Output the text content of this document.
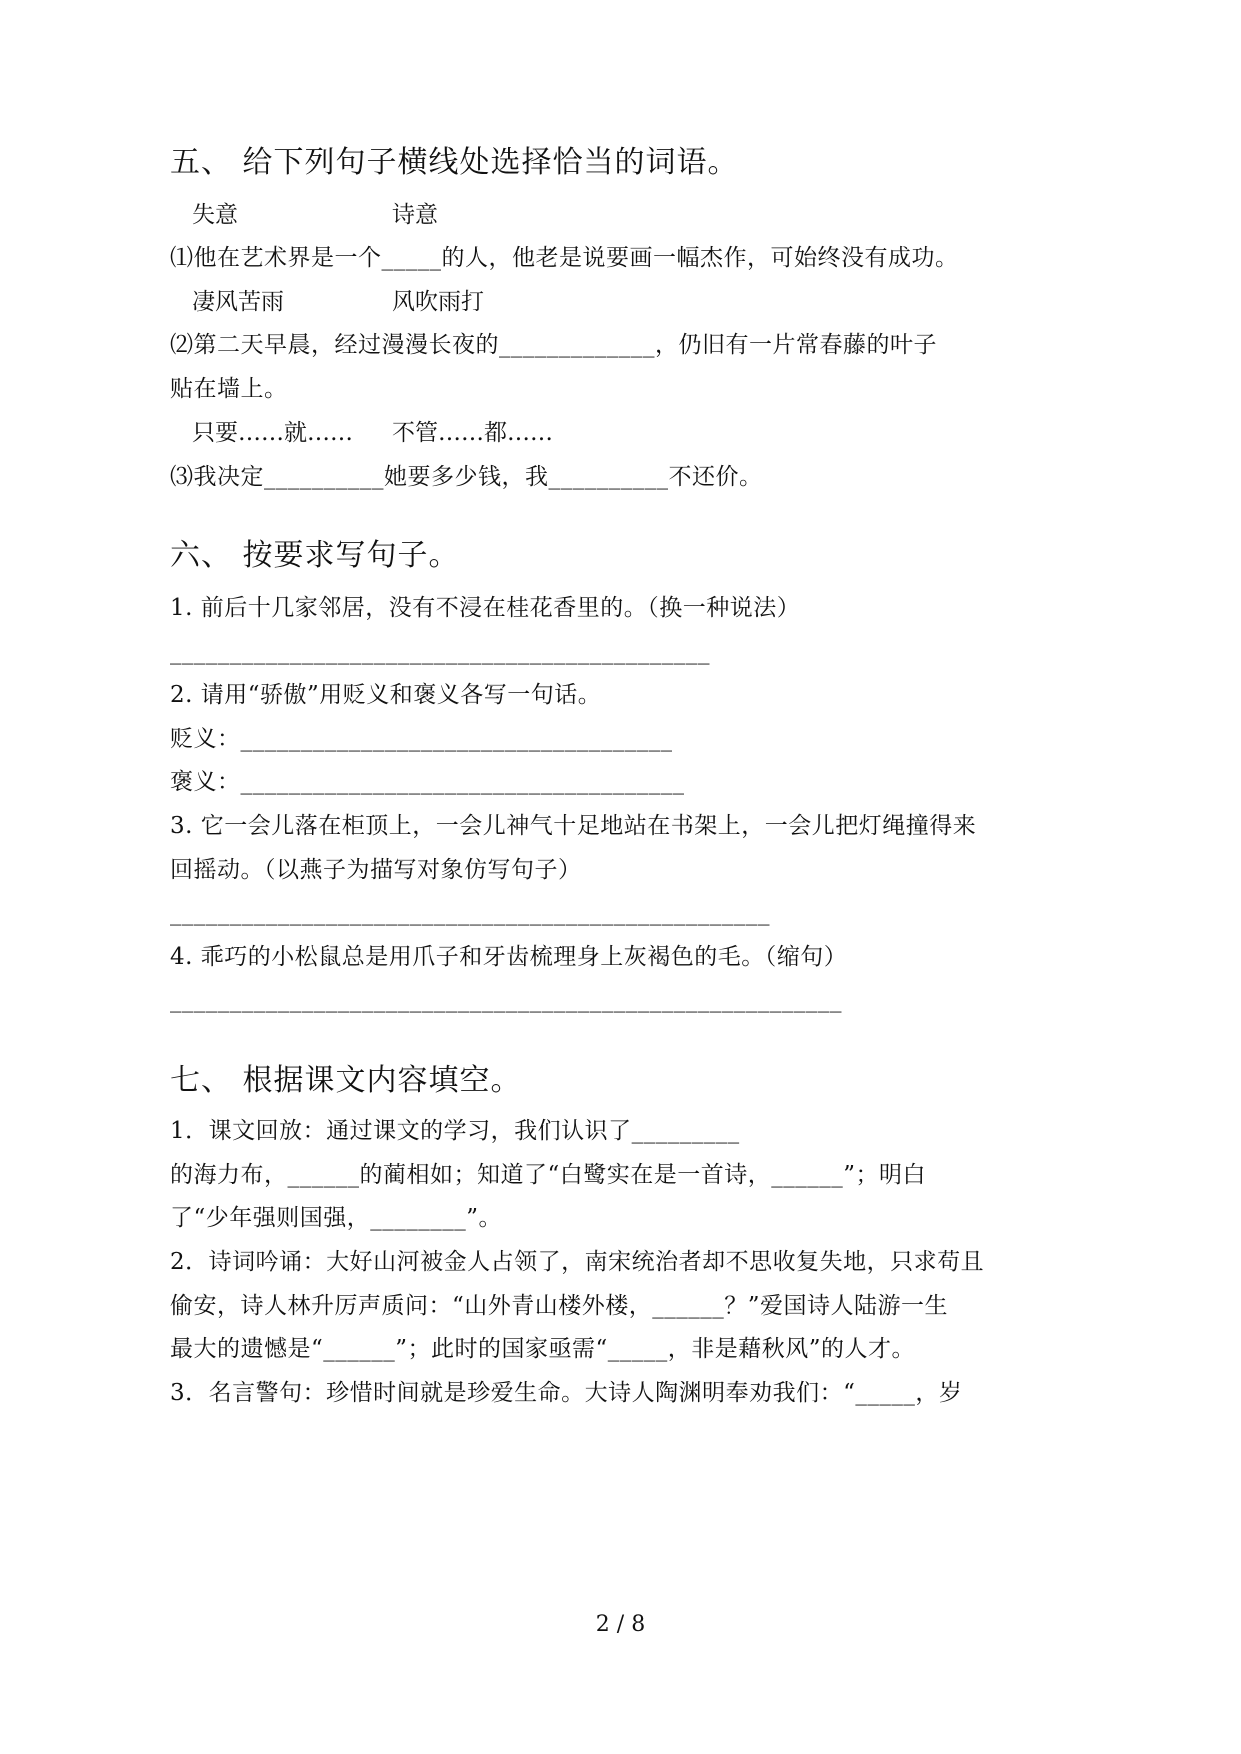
五、 给下列句子横线处选择恰当的词语。
失意	诗意
⑴他在艺术界是一个_____的人，他老是说要画一幅杰作，可始终没有成功。
凄风苦雨	风吹雨打
⑵第二天早晨，经过漫漫长夜的_____________，仍旧有一片常春藤的叶子
贴在墙上。
只要……就…… 不管……都……
⑶我决定__________她要多少钱，我__________不还价。
六、 按要求写句子。
1. 前后十几家邻居，没有不浸在桂花香里的。（换一种说法）
_____________________________________________
2. 请用“骄傲”用贬义和褒义各写一句话。
贬义：____________________________________
褒义：_____________________________________
3. 它一会儿落在柜顶上，一会儿神气十足地站在书架上，一会儿把灯绳撞得来
回摇动。（以燕子为描写对象仿写句子）
__________________________________________________
4. 乖巧的小松鼠总是用爪子和牙齿梳理身上灰褐色的毛。（缩句）
________________________________________________________
七、 根据课文内容填空。
1．课文回放：通过课文的学习，我们认识了_________
的海力布，______的蔺相如；知道了“白鹭实在是一首诗，______”；明白
了“少年强则国强，________”。
2．诗词吟诵：大好山河被金人占领了，南宋统治者却不思收复失地，只求苟且
偷安，诗人林升厉声质问：“山外青山楼外楼，______？”爱国诗人陆游一生
最大的遗憾是“______”；此时的国家亟需“_____，非是藉秋风”的人才。
3．名言警句：珍惜时间就是珍爱生命。大诗人陶渊明奉劝我们：“_____，岁
2 / 8
